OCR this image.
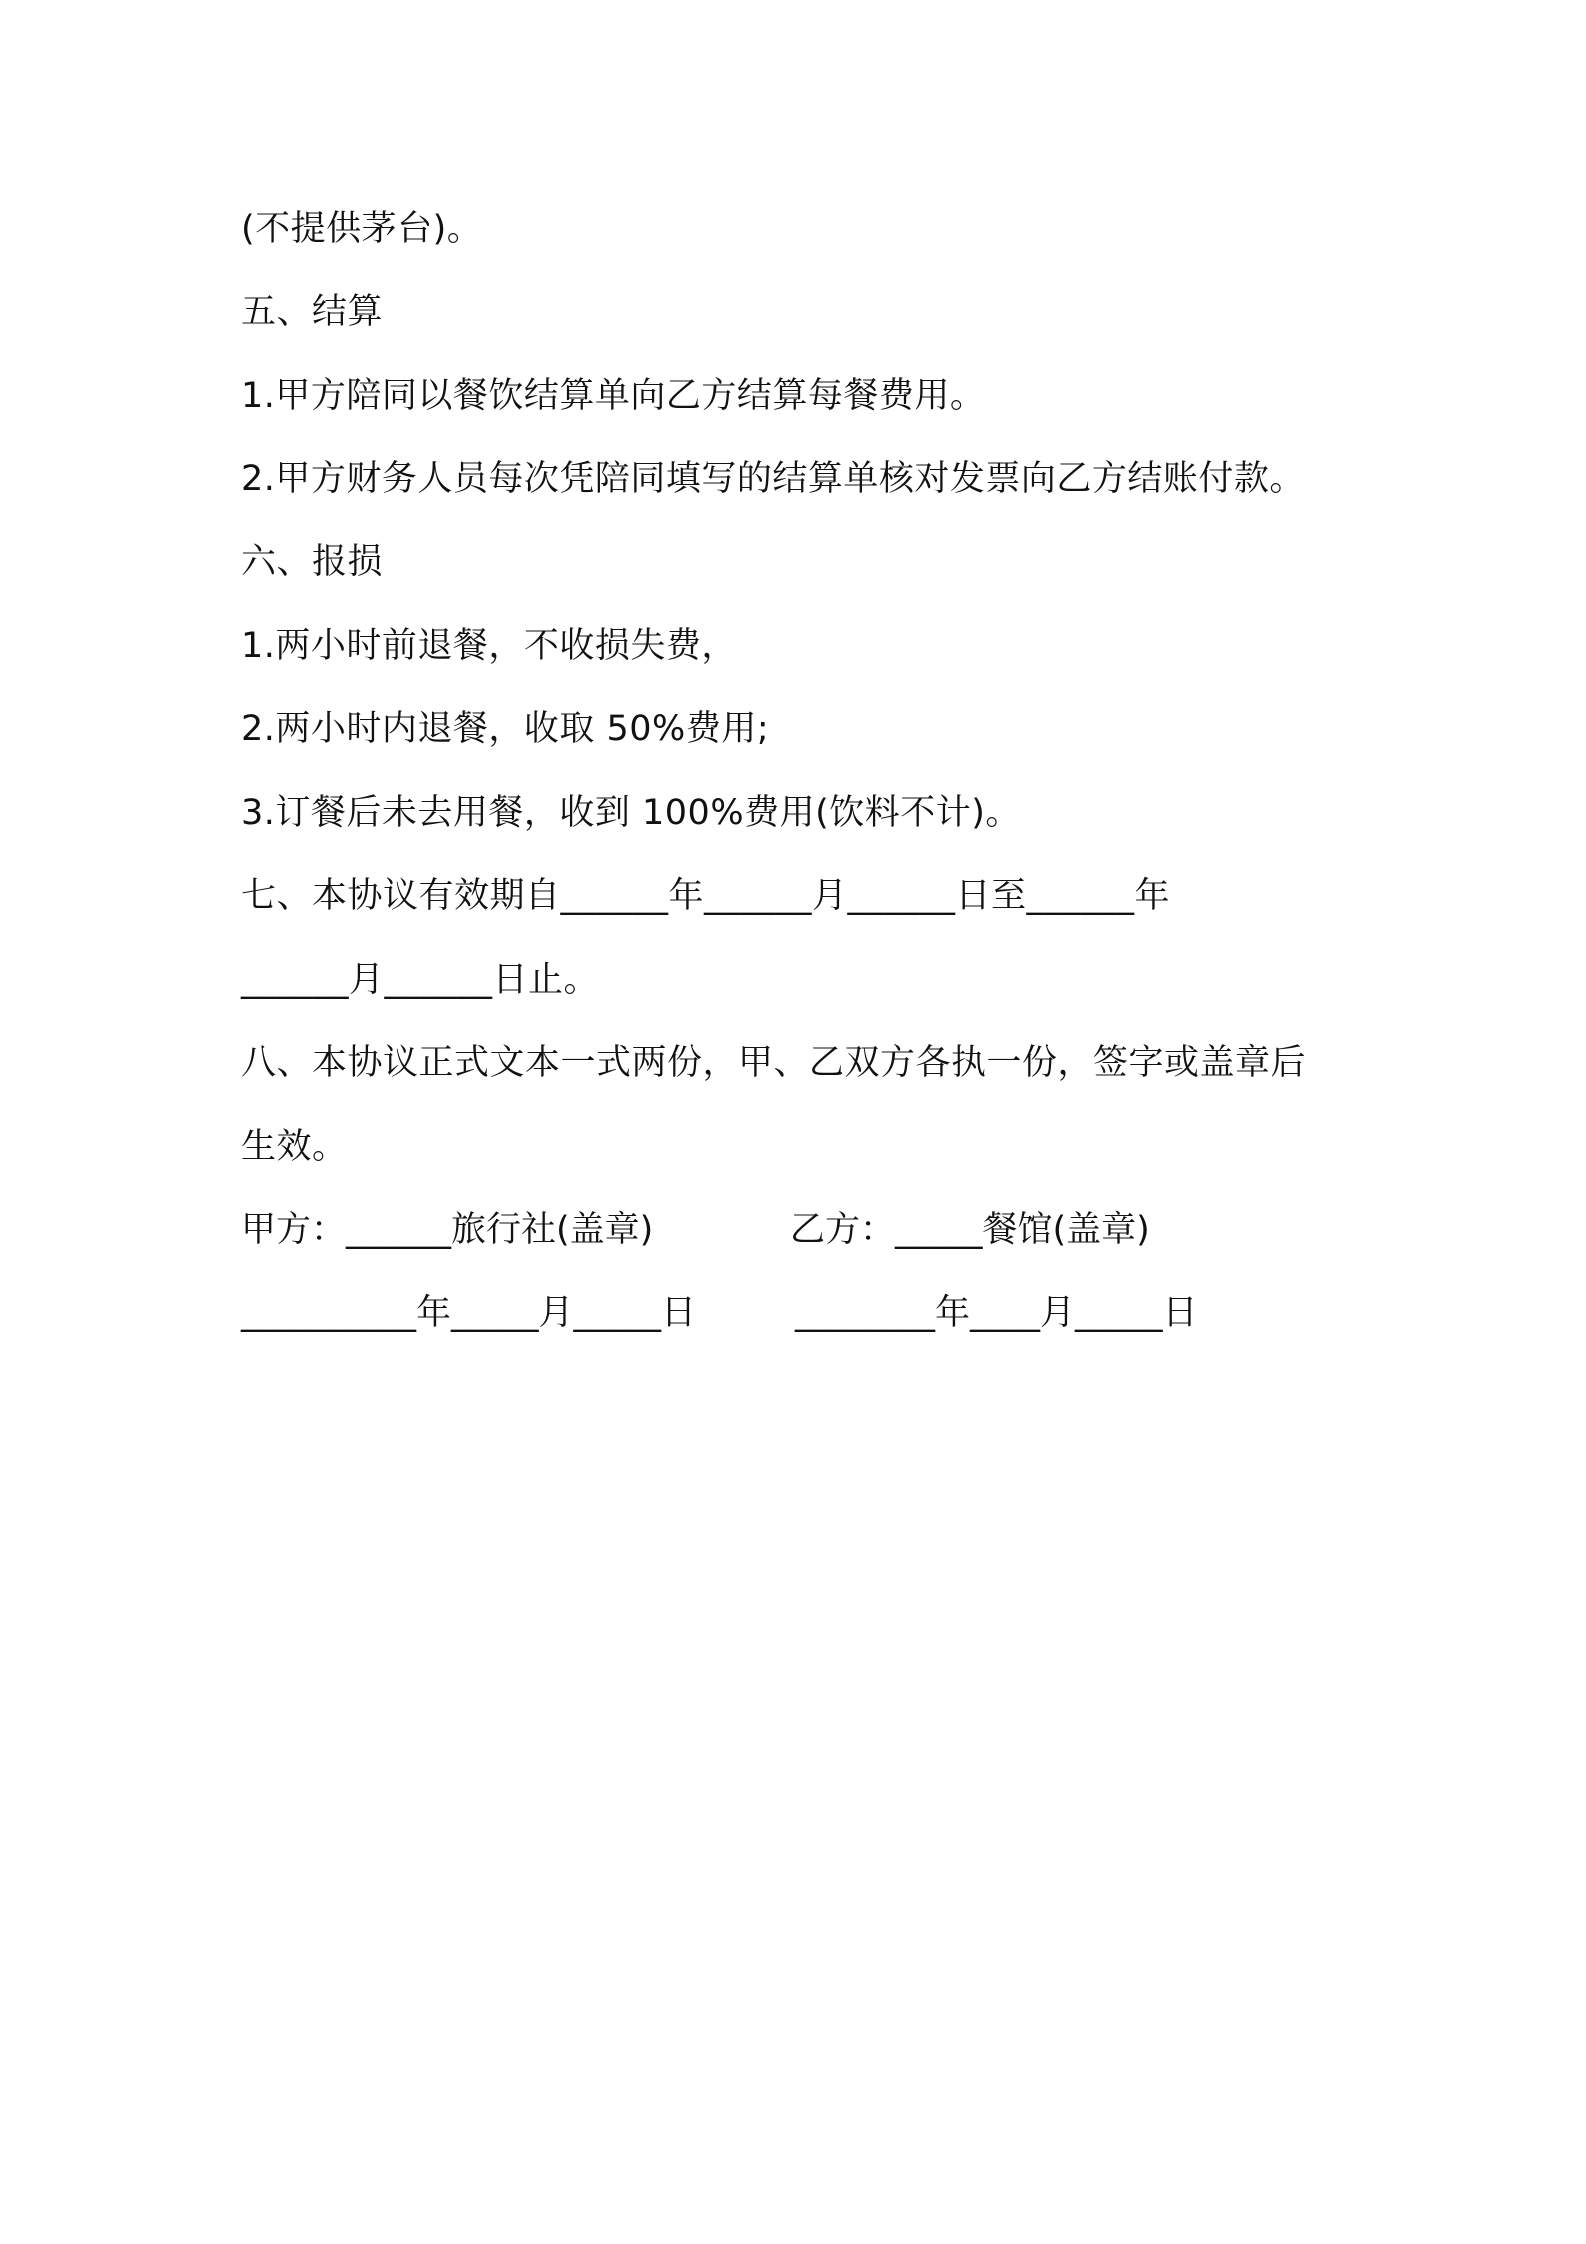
(不提供茅台)。
五、结算
1.甲方陪同以餐饮结算单向乙方结算每餐费用。
2.甲方财务人员每次凭陪同填写的结算单核对发票向乙方结账付款。
六、报损
1.两小时前退餐，不收损失费，
2.两小时内退餐，收取 50%费用;
3.订餐后未去用餐，收到 100%费用(饮料不计)。
七、本协议有效期自______年______月______日至______年
______月______日止。
八、本协议正式文本一式两份，甲、乙双方各执一份，签字或盖章后
生效。
甲方：______旅行社(盖章)	乙方：_____餐馆(盖章)
__________年_____月_____日	________年____月_____日
